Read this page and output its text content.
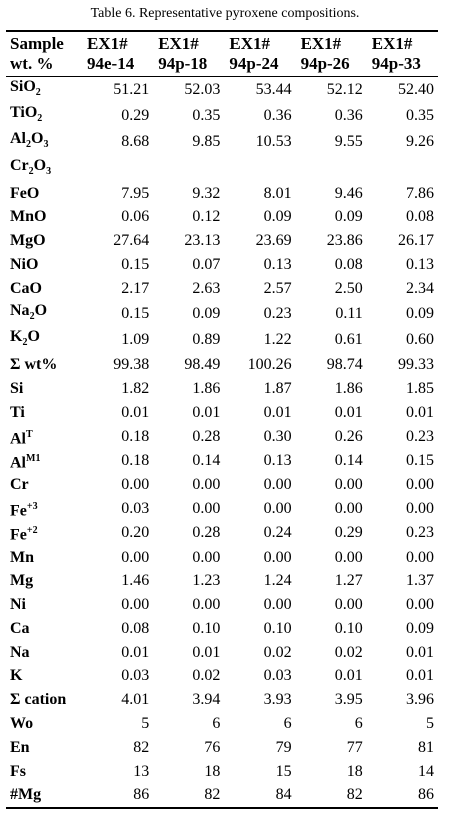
Table 6. Representative pyroxene compositions.
Sample	EX1#	EX1#	EX1#	EX1#	EX1#
wt. %	94e-14	94p-18	94p-24	94p-26	94p-33
SiO$_2$	51.21	52.03	53.44	52.12	52.40
TiO$_2$	0.29	0.35	0.36	0.36	0.35
$Al_2O_3$	8.68	9.85	10.53	9.55	9.26
$Cr_2O_3$					
FeO	7.95	9.32	8.01	9.46	7.86
MnO	0.06	0.12	0.09	0.09	0.08
MgO	27.64	23.13	23.69	23.86	26.17
NiO	0.15	0.07	0.13	0.08	0.13
CaO	2.17	2.63	2.57	2.50	2.34
$Na_2O$	0.15	0.09	0.23	0.11	0.09
$K_2O$	1.09	0.89	1.22	0.61	0.60
Σ wt%	99.38	98.49	100.26	98.74	99.33
Si	1.82	1.86	1.87	1.86	1.85
Ti	0.01	0.01	0.01	0.01	0.01
$Al^T$	0.18	0.28	0.30	0.26	0.23
$Al^{M1}$	0.18	0.14	0.13	0.14	0.15
Cr	0.00	0.00	0.00	0.00	0.00
$Fe^{+3}$	0.03	0.00	0.00	0.00	0.00
$Fe^{+2}$	0.20	0.28	0.24	0.29	0.23
Mn	0.00	0.00	0.00	0.00	0.00
Mg	1.46	1.23	1.24	1.27	1.37
Ni	0.00	0.00	0.00	0.00	0.00
Ca	0.08	0.10	0.10	0.10	0.09
Na	0.01	0.01	0.02	0.02	0.01
K	0.03	0.02	0.03	0.01	0.01
Σ cation	4.01	3.94	3.93	3.95	3.96
Wo	5	6	6	6	5
En	82	76	79	77	81
Fs	13	18	15	18	14
#Mg	86	82	84	82	86
